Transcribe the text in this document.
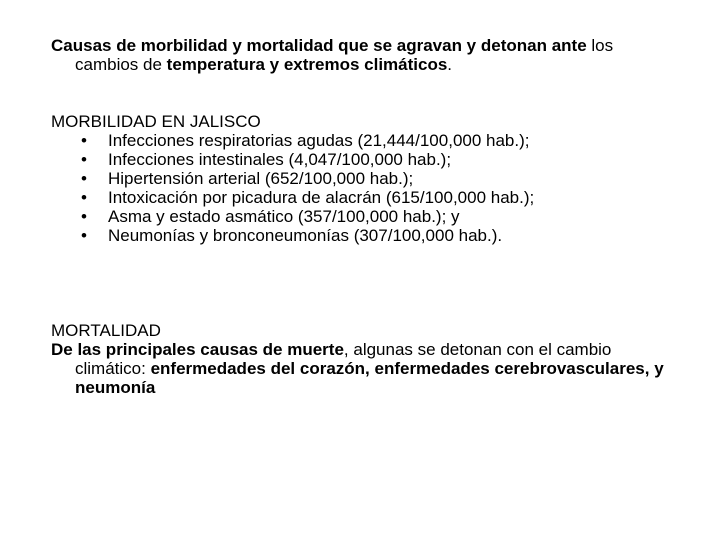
Causas de morbilidad y mortalidad que se agravan y detonan ante los cambios de temperatura y extremos climáticos.

MORBILIDAD EN JALISCO

• Infecciones respiratorias agudas (21,444/100,000 hab.);
• Infecciones intestinales (4,047/100,000 hab.);
• Hipertensión arterial (652/100,000 hab.);
• Intoxicación por picadura de alacrán (615/100,000 hab.);
• Asma y estado asmático (357/100,000 hab.); y
• Neumonías y bronconeumonías (307/100,000 hab.).

MORTALIDAD

De las principales causas de muerte, algunas se detonan con el cambio climático: enfermedades del corazón, enfermedades cerebrovasculares, y neumonía
